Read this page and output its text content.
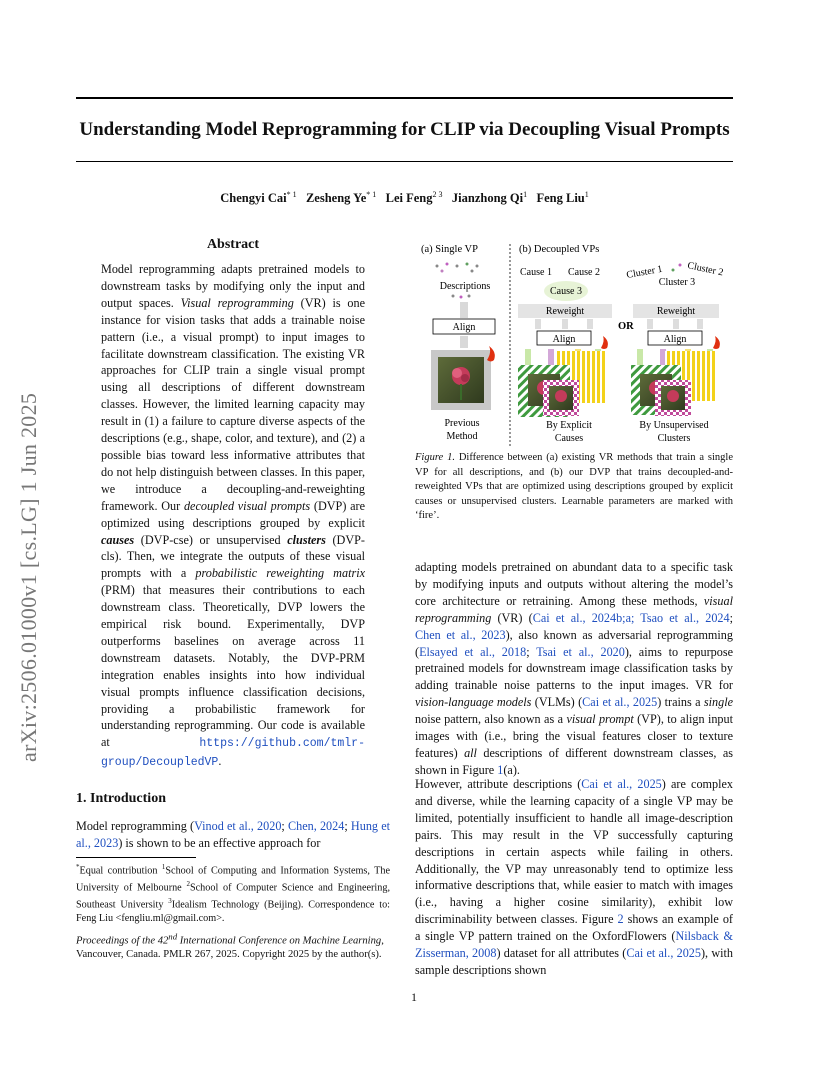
Understanding Model Reprogramming for CLIP via Decoupling Visual Prompts
Chengyi Cai$^{* 1}$ Zesheng Ye$^{* 1}$ Lei Feng$^{2 3}$ Jianzhong Qi$^1$ Feng Liu$^1$
arXiv:2506.01000v1 [cs.LG] 1 Jun 2025
Abstract
Model reprogramming adapts pretrained models to downstream tasks by modifying only the input and output spaces. Visual reprogramming (VR) is one instance for vision tasks that adds a trainable noise pattern (i.e., a visual prompt) to input images to facilitate downstream classification. The existing VR approaches for CLIP train a single visual prompt using all descriptions of different downstream classes. However, the limited learning capacity may result in (1) a failure to capture diverse aspects of the descriptions (e.g., shape, color, and texture), and (2) a possible bias toward less informative attributes that do not help distinguish between classes. In this paper, we introduce a decoupling-and-reweighting framework. Our decoupled visual prompts (DVP) are optimized using descriptions grouped by explicit causes (DVP-cse) or unsupervised clusters (DVP-cls). Then, we integrate the outputs of these visual prompts with a probabilistic reweighting matrix (PRM) that measures their contributions to each downstream class. Theoretically, DVP lowers the empirical risk bound. Experimentally, DVP outperforms baselines on average across 11 downstream datasets. Notably, the DVP-PRM integration enables insights into how individual visual prompts influence classification decisions, providing a probabilistic framework for understanding reprogramming. Our code is available at https://github.com/tmlr-group/DecoupledVP.
1. Introduction
Model reprogramming (Vinod et al., 2020; Chen, 2024; Hung et al., 2023) is shown to be an effective approach for
*Equal contribution $^1$School of Computing and Information Systems, The University of Melbourne $^2$School of Computer Science and Engineering, Southeast University $^3$Idealism Technology (Beijing). Correspondence to: Feng Liu <fengliu.ml@gmail.com>.
Proceedings of the 42nd International Conference on Machine Learning, Vancouver, Canada. PMLR 267, 2025. Copyright 2025 by the author(s).
(a) Single VP	(b) Decoupled VPs
Descriptions
Align
Previous
Method
Cause 1 Cause 2
Cause 3
Reweight
Align
By Explicit
Causes
OR
Cluster 1 Cluster 2
Cluster 3
Reweight
Align
By Unsupervised
Clusters
Figure 1. Difference between (a) existing VR methods that train a single VP for all descriptions, and (b) our DVP that trains decoupled-and-reweighted VPs that are optimized using descriptions grouped by explicit causes or unsupervised clusters. Learnable parameters are marked with ‘fire’.
adapting models pretrained on abundant data to a specific task by modifying inputs and outputs without altering the model’s core architecture or retraining. Among these methods, visual reprogramming (VR) (Cai et al., 2024b;a; Tsao et al., 2024; Chen et al., 2023), also known as adversarial reprogramming (Elsayed et al., 2018; Tsai et al., 2020), aims to repurpose pretrained models for downstream image classification tasks by adding trainable noise patterns to the input images. VR for vision-language models (VLMs) (Cai et al., 2025) trains a single noise pattern, also known as a visual prompt (VP), to align input images with (i.e., bring the visual features closer to texture features) all descriptions of different downstream classes, as shown in Figure 1(a).
However, attribute descriptions (Cai et al., 2025) are complex and diverse, while the learning capacity of a single VP may be limited, potentially insufficient to handle all image-description pairs. This may result in the VP successfully capturing descriptions in certain aspects while failing in others. Additionally, the VP may unreasonably tend to optimize less informative descriptions that, while easier to match with images (i.e., having a higher cosine similarity), exhibit low discriminability between classes. Figure 2 shows an example of a single VP pattern trained on the OxfordFlowers (Nilsback & Zisserman, 2008) dataset for all attributes (Cai et al., 2025), with sample descriptions shown
1
